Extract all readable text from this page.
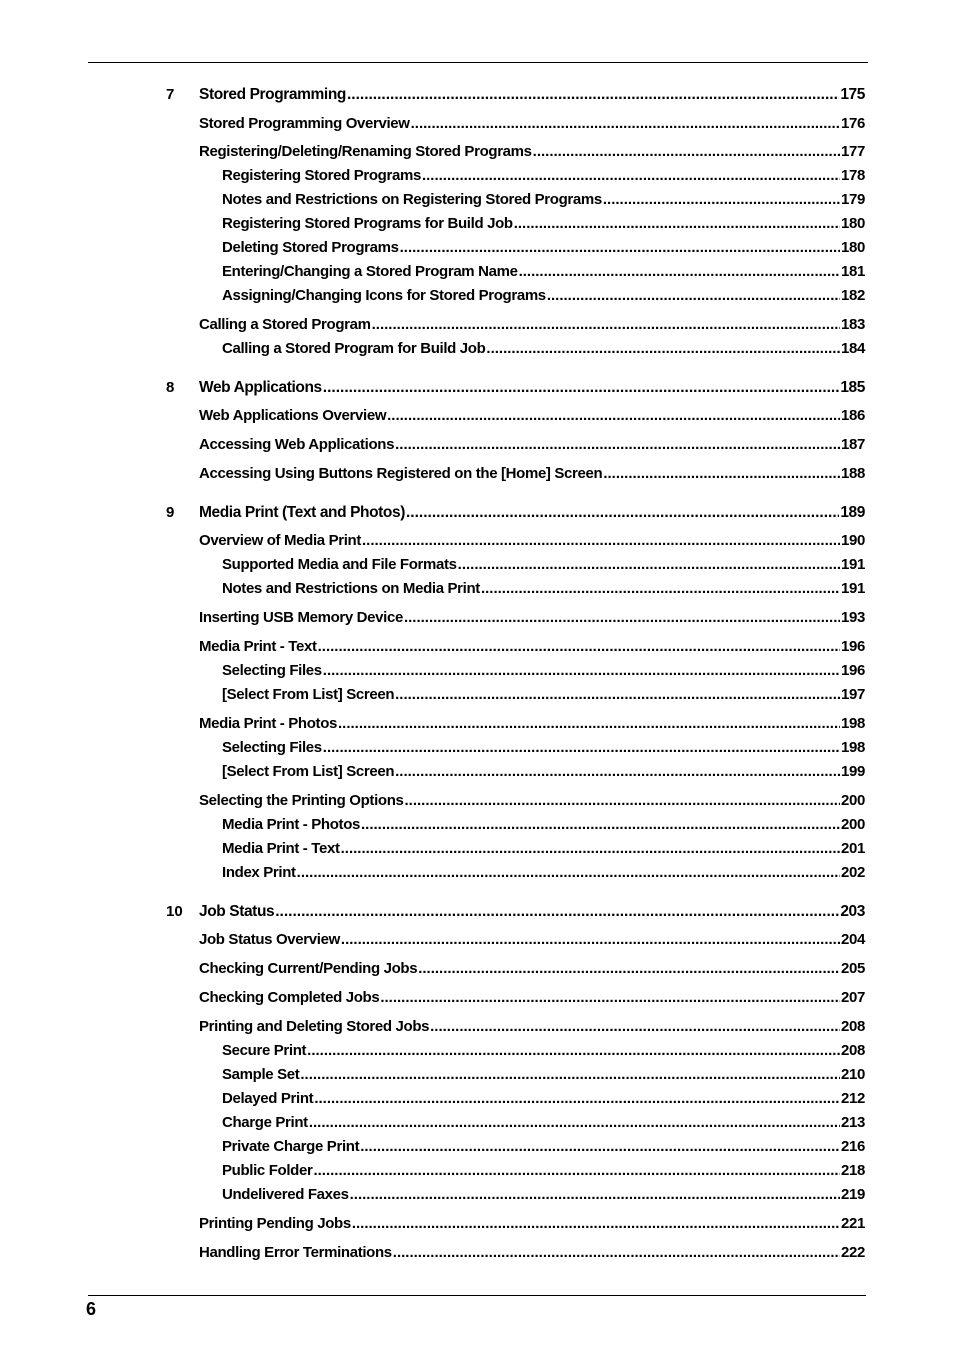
7 Stored Programming .....	175
Stored Programming Overview .....	176
Registering/Deleting/Renaming Stored Programs .....	177
Registering Stored Programs .....	178
Notes and Restrictions on Registering Stored Programs .....	179
Registering Stored Programs for Build Job .....	180
Deleting Stored Programs .....	180
Entering/Changing a Stored Program Name .....	181
Assigning/Changing Icons for Stored Programs .....	182
Calling a Stored Program .....	183
Calling a Stored Program for Build Job .....	184
8 Web Applications .....	185
Web Applications Overview .....	186
Accessing Web Applications .....	187
Accessing Using Buttons Registered on the [Home] Screen .....	188
9 Media Print (Text and Photos) .....	189
Overview of Media Print .....	190
Supported Media and File Formats .....	191
Notes and Restrictions on Media Print .....	191
Inserting USB Memory Device .....	193
Media Print - Text .....	196
Selecting Files .....	196
[Select From List] Screen .....	197
Media Print - Photos .....	198
Selecting Files .....	198
[Select From List] Screen .....	199
Selecting the Printing Options .....	200
Media Print - Photos .....	200
Media Print - Text .....	201
Index Print .....	202
10 Job Status .....	203
Job Status Overview .....	204
Checking Current/Pending Jobs .....	205
Checking Completed Jobs .....	207
Printing and Deleting Stored Jobs .....	208
Secure Print .....	208
Sample Set .....	210
Delayed Print .....	212
Charge Print .....	213
Private Charge Print .....	216
Public Folder .....	218
Undelivered Faxes .....	219
Printing Pending Jobs .....	221
Handling Error Terminations .....	222
6
